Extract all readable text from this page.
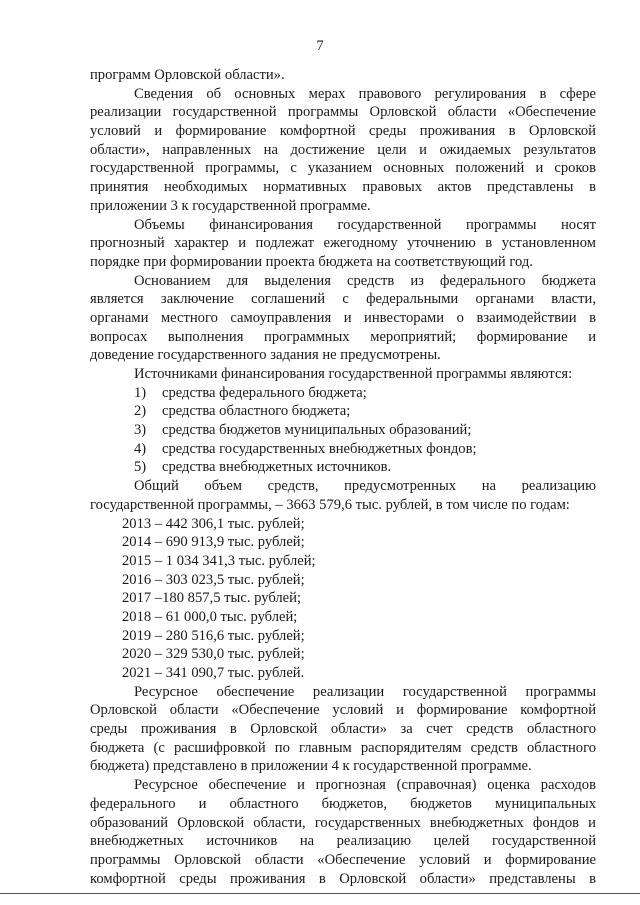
7
программ Орловской области».
Сведения об основных мерах правового регулирования в сфере
реализации государственной программы Орловской области «Обеспечение
условий и формирование комфортной среды проживания в Орловской
области», направленных на достижение цели и ожидаемых результатов
государственной программы, с указанием основных положений и сроков
принятия необходимых нормативных правовых актов представлены в
приложении 3 к государственной программе.
Объемы финансирования государственной программы носят
прогнозный характер и подлежат ежегодному уточнению в установленном
порядке при формировании проекта бюджета на соответствующий год.
Основанием для выделения средств из федерального бюджета
является заключение соглашений с федеральными органами власти,
органами местного самоуправления и инвесторами о взаимодействии в
вопросах выполнения программных мероприятий; формирование и
доведение государственного задания не предусмотрены.
Источниками финансирования государственной программы являются:
1) средства федерального бюджета;
2) средства областного бюджета;
3) средства бюджетов муниципальных образований;
4) средства государственных внебюджетных фондов;
5) средства внебюджетных источников.
Общий объем средств, предусмотренных на реализацию
государственной программы, – 3663 579,6 тыс. рублей, в том числе по годам:
2013 – 442 306,1 тыс. рублей;
2014 – 690 913,9 тыс. рублей;
2015 – 1 034 341,3 тыс. рублей;
2016 – 303 023,5 тыс. рублей;
2017 –180 857,5 тыс. рублей;
2018 – 61 000,0 тыс. рублей;
2019 – 280 516,6 тыс. рублей;
2020 – 329 530,0 тыс. рублей;
2021 – 341 090,7 тыс. рублей.
Ресурсное обеспечение реализации государственной программы
Орловской области «Обеспечение условий и формирование комфортной
среды проживания в Орловской области» за счет средств областного
бюджета (с расшифровкой по главным распорядителям средств областного
бюджета) представлено в приложении 4 к государственной программе.
Ресурсное обеспечение и прогнозная (справочная) оценка расходов
федерального и областного бюджетов, бюджетов муниципальных
образований Орловской области, государственных внебюджетных фондов и
внебюджетных источников на реализацию целей государственной
программы Орловской области «Обеспечение условий и формирование
комфортной среды проживания в Орловской области» представлены в
